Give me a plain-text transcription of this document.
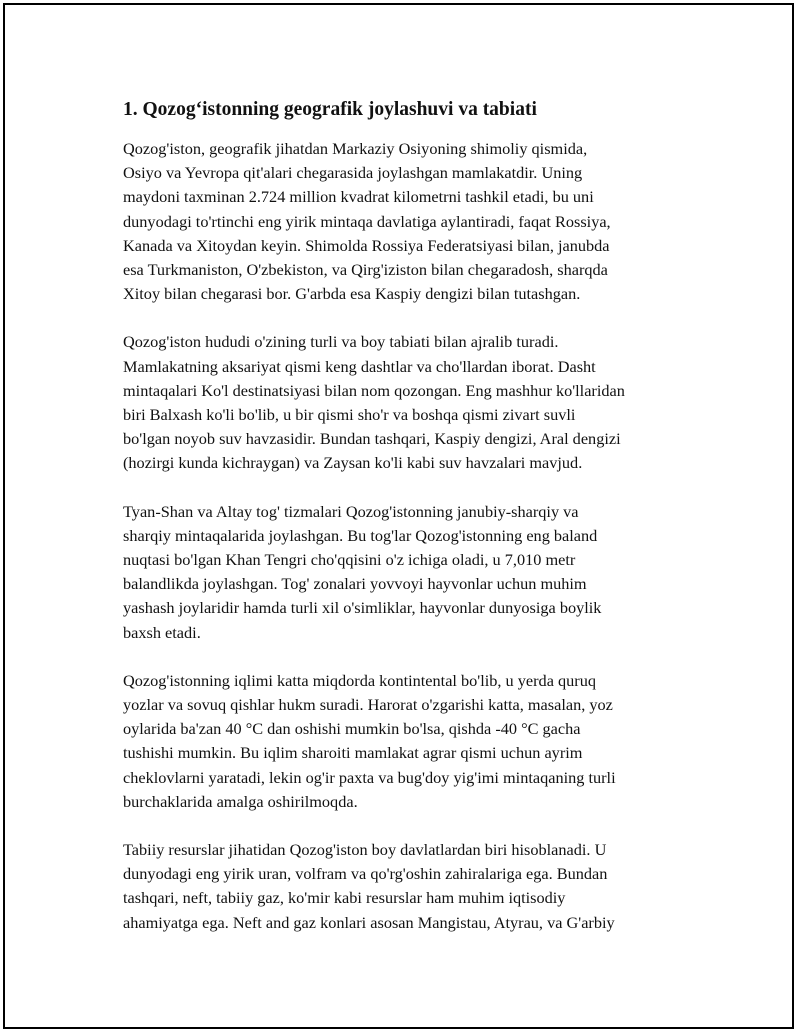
1. Qozog‘istonning geografik joylashuvi va tabiati

Qozog'iston, geografik jihatdan Markaziy Osiyoning shimoliy qismida,
Osiyo va Yevropa qit'alari chegarasida joylashgan mamlakatdir. Uning
maydoni taxminan 2.724 million kvadrat kilometrni tashkil etadi, bu uni
dunyodagi to'rtinchi eng yirik mintaqa davlatiga aylantiradi, faqat Rossiya,
Kanada va Xitoydan keyin. Shimolda Rossiya Federatsiyasi bilan, janubda
esa Turkmaniston, O'zbekiston, va Qirg'iziston bilan chegaradosh, sharqda
Xitoy bilan chegarasi bor. G'arbda esa Kaspiy dengizi bilan tutashgan.

Qozog'iston hududi o'zining turli va boy tabiati bilan ajralib turadi.
Mamlakatning aksariyat qismi keng dashtlar va cho'llardan iborat. Dasht
mintaqalari Ko'l destinatsiyasi bilan nom qozongan. Eng mashhur ko'llaridan
biri Balxash ko'li bo'lib, u bir qismi sho'r va boshqa qismi zivart suvli
bo'lgan noyob suv havzasidir. Bundan tashqari, Kaspiy dengizi, Aral dengizi
(hozirgi kunda kichraygan) va Zaysan ko'li kabi suv havzalari mavjud.

Tyan-Shan va Altay tog' tizmalari Qozog'istonning janubiy-sharqiy va
sharqiy mintaqalarida joylashgan. Bu tog'lar Qozog'istonning eng baland
nuqtasi bo'lgan Khan Tengri cho'qqisini o'z ichiga oladi, u 7,010 metr
balandlikda joylashgan. Tog' zonalari yovvoyi hayvonlar uchun muhim
yashash joylaridir hamda turli xil o'simliklar, hayvonlar dunyosiga boylik
baxsh etadi.

Qozog'istonning iqlimi katta miqdorda kontintental bo'lib, u yerda quruq
yozlar va sovuq qishlar hukm suradi. Harorat o'zgarishi katta, masalan, yoz
oylarida ba'zan 40 °C dan oshishi mumkin bo'lsa, qishda -40 °C gacha
tushishi mumkin. Bu iqlim sharoiti mamlakat agrar qismi uchun ayrim
cheklovlarni yaratadi, lekin og'ir paxta va bug'doy yig'imi mintaqaning turli
burchaklarida amalga oshirilmoqda.

Tabiiy resurslar jihatidan Qozog'iston boy davlatlardan biri hisoblanadi. U
dunyodagi eng yirik uran, volfram va qo'rg'oshin zahiralariga ega. Bundan
tashqari, neft, tabiiy gaz, ko'mir kabi resurslar ham muhim iqtisodiy
ahamiyatga ega. Neft and gaz konlari asosan Mangistau, Atyrau, va G'arbiy
